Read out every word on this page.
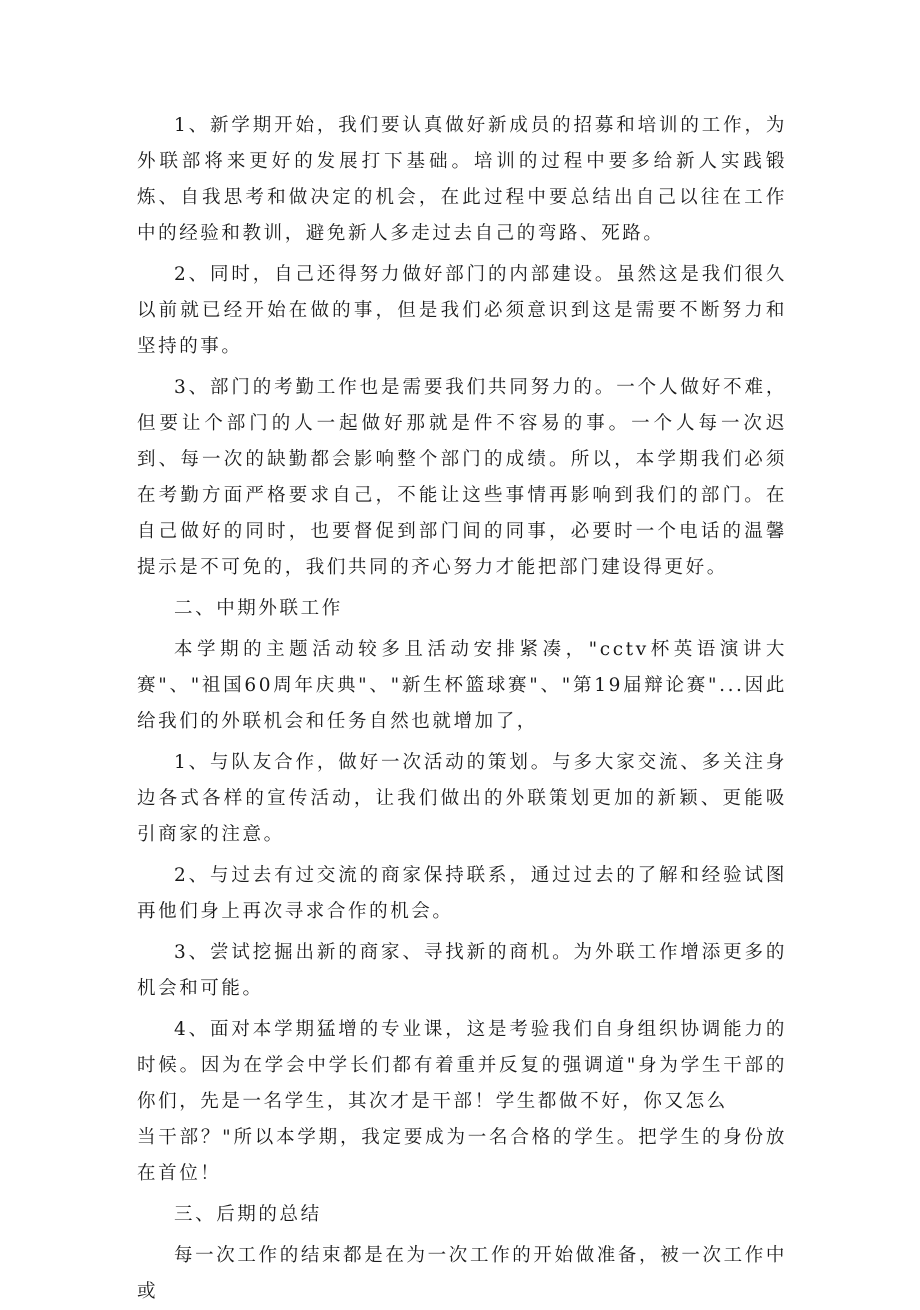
1、新学期开始，我们要认真做好新成员的招募和培训的工作，为外联部将来更好的发展打下基础。培训的过程中要多给新人实践锻炼、自我思考和做决定的机会，在此过程中要总结出自己以往在工作中的经验和教训，避免新人多走过去自己的弯路、死路。

2、同时，自己还得努力做好部门的内部建设。虽然这是我们很久以前就已经开始在做的事，但是我们必须意识到这是需要不断努力和坚持的事。

3、部门的考勤工作也是需要我们共同努力的。一个人做好不难，但要让个部门的人一起做好那就是件不容易的事。一个人每一次迟到、每一次的缺勤都会影响整个部门的成绩。所以，本学期我们必须在考勤方面严格要求自己，不能让这些事情再影响到我们的部门。在自己做好的同时，也要督促到部门间的同事，必要时一个电话的温馨提示是不可免的，我们共同的齐心努力才能把部门建设得更好。

二、中期外联工作

本学期的主题活动较多且活动安排紧凑，"cctv杯英语演讲大赛"、"祖国60周年庆典"、"新生杯篮球赛"、"第19届辩论赛"...因此给我们的外联机会和任务自然也就增加了，

1、与队友合作，做好一次活动的策划。与多大家交流、多关注身边各式各样的宣传活动，让我们做出的外联策划更加的新颖、更能吸引商家的注意。

2、与过去有过交流的商家保持联系，通过过去的了解和经验试图再他们身上再次寻求合作的机会。

3、尝试挖掘出新的商家、寻找新的商机。为外联工作增添更多的机会和可能。

4、面对本学期猛增的专业课，这是考验我们自身组织协调能力的时候。因为在学会中学长们都有着重并反复的强调道"身为学生干部的你们，先是一名学生，其次才是干部！学生都做不好，你又怎么

当干部？"所以本学期，我定要成为一名合格的学生。把学生的身份放在首位！

三、后期的总结

每一次工作的结束都是在为一次工作的开始做准备，被一次工作中或
